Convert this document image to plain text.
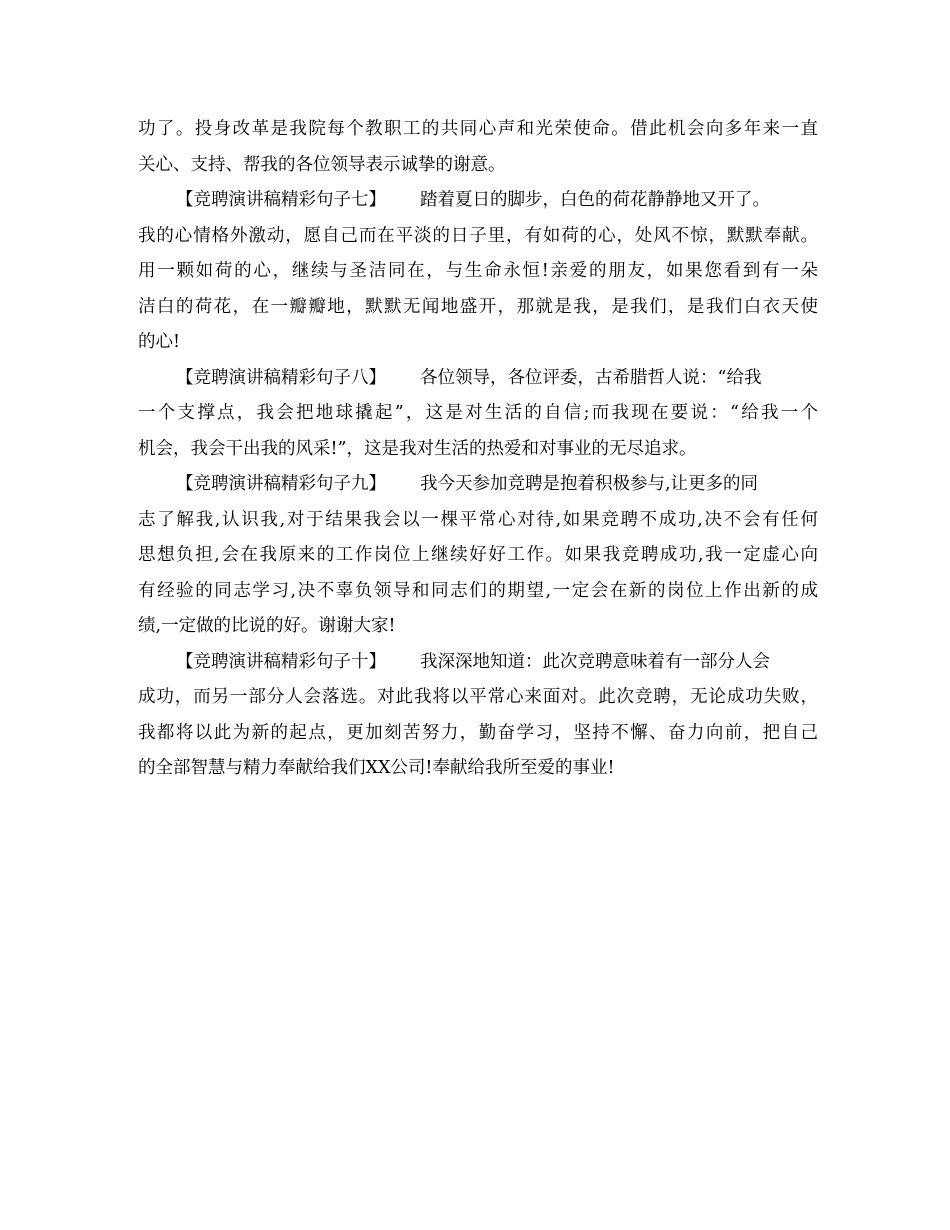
功了。投身改革是我院每个教职工的共同心声和光荣使命。借此机会向多年来一直
关心、支持、帮我的各位领导表示诚挚的谢意。
【竞聘演讲稿精彩句子七】 踏着夏日的脚步，白色的荷花静静地又开了。
我的心情格外激动，愿自己而在平淡的日子里，有如荷的心，处风不惊，默默奉献。
用一颗如荷的心，继续与圣洁同在，与生命永恒!亲爱的朋友，如果您看到有一朵
洁白的荷花，在一瓣瓣地，默默无闻地盛开，那就是我，是我们，是我们白衣天使
的心!
【竞聘演讲稿精彩句子八】 各位领导，各位评委，古希腊哲人说：“给我
一个支撑点，我会把地球撬起”，这是对生活的自信;而我现在要说：“给我一个
机会，我会干出我的风采!”，这是我对生活的热爱和对事业的无尽追求。
【竞聘演讲稿精彩句子九】 我今天参加竞聘是抱着积极参与,让更多的同
志了解我,认识我,对于结果我会以一棵平常心对待,如果竞聘不成功,决不会有任何
思想负担,会在我原来的工作岗位上继续好好工作。如果我竞聘成功,我一定虚心向
有经验的同志学习,决不辜负领导和同志们的期望,一定会在新的岗位上作出新的成
绩,一定做的比说的好。谢谢大家!
【竞聘演讲稿精彩句子十】 我深深地知道：此次竞聘意味着有一部分人会
成功，而另一部分人会落选。对此我将以平常心来面对。此次竞聘，无论成功失败，
我都将以此为新的起点，更加刻苦努力，勤奋学习，坚持不懈、奋力向前，把自己
的全部智慧与精力奉献给我们XX公司!奉献给我所至爱的事业!
